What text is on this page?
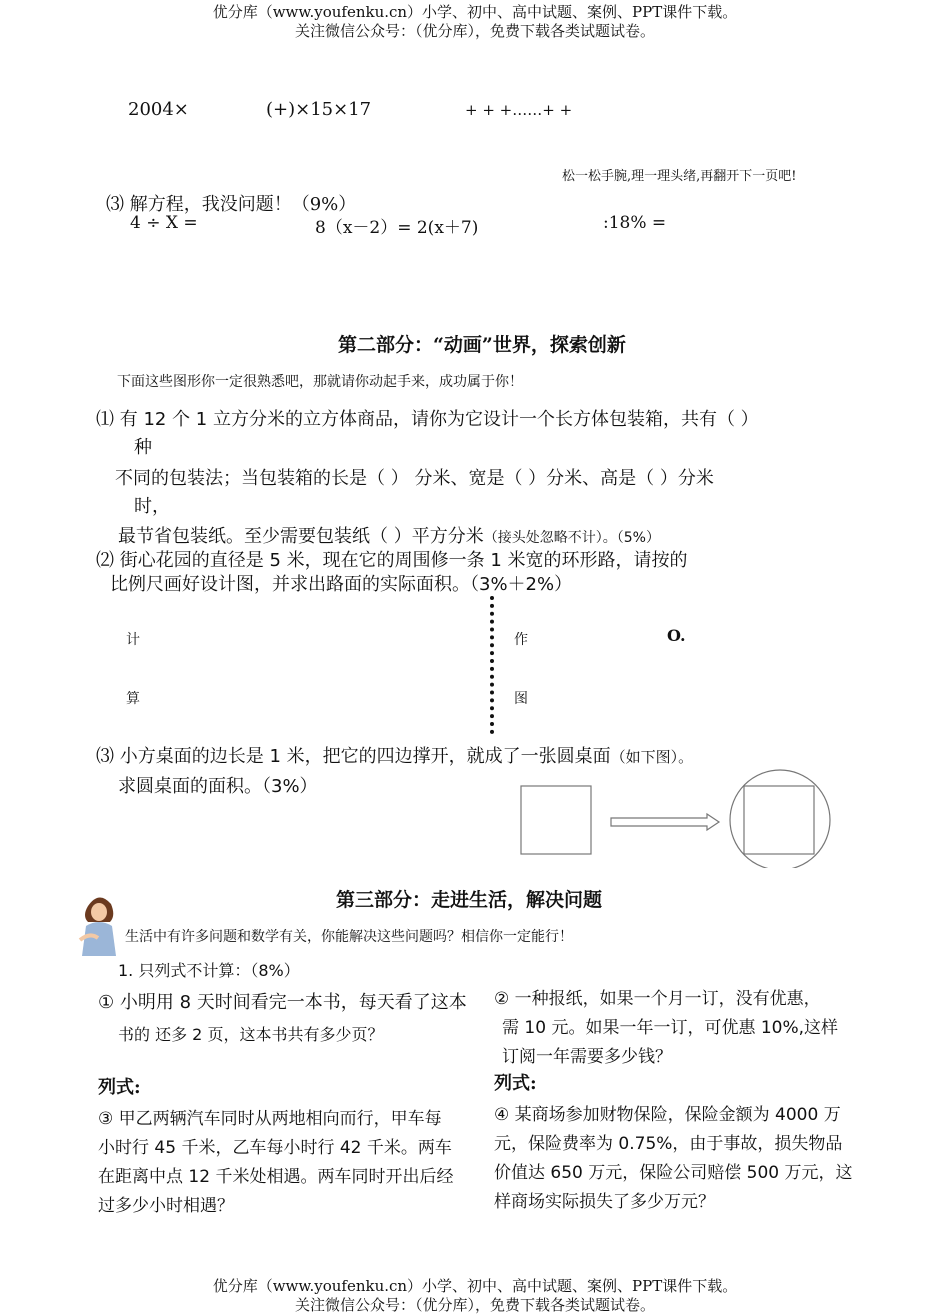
优分库（www.youfenku.cn）小学、初中、高中试题、案例、PPT课件下载。
关注微信公众号：（优分库），免费下载各类试题试卷。
2004×	(+)×15×17	+ + +……+ +
松一松手腕,理一理头绪,再翻开下一页吧!
⑶ 解方程，我没问题！（9%）
4 ÷ X =	8（x－2）= 2(x＋7)	:18% =
第二部分：“动画”世界，探索创新
下面这些图形你一定很熟悉吧，那就请你动起手来，成功属于你！
⑴ 有 12 个 1 立方分米的立方体商品，请你为它设计一个长方体包装箱，共有（ ）
种
不同的包装法；当包装箱的长是（ ） 分米、宽是（ ）分米、高是（ ）分米
时，
最节省包装纸。至少需要包装纸（ ）平方分米（接头处忽略不计）。（5%）
⑵ 街心花园的直径是 5 米，现在它的周围修一条 1 米宽的环形路，请按的
比例尺画好设计图，并求出路面的实际面积。（3%＋2%）
计
算
作
图
O.
⑶ 小方桌面的边长是 1 米，把它的四边撑开，就成了一张圆桌面（如下图）。
求圆桌面的面积。（3%）
第三部分：走进生活，解决问题
生活中有许多问题和数学有关，你能解决这些问题吗？相信你一定能行！
1. 只列式不计算：（8%）
① 小明用 8 天时间看完一本书，每天看了这本
书的 还多 2 页，这本书共有多少页？
② 一种报纸，如果一个月一订，没有优惠，
需 10 元。如果一年一订，可优惠 10%,这样
订阅一年需要多少钱？
列式:	列式:
③ 甲乙两辆汽车同时从两地相向而行，甲车每
小时行 45 千米，乙车每小时行 42 千米。两车
在距离中点 12 千米处相遇。两车同时开出后经
过多少小时相遇？
④ 某商场参加财物保险，保险金额为 4000 万
元，保险费率为 0.75%，由于事故，损失物品
价值达 650 万元，保险公司赔偿 500 万元，这
样商场实际损失了多少万元？
优分库（www.youfenku.cn）小学、初中、高中试题、案例、PPT课件下载。
关注微信公众号：（优分库），免费下载各类试题试卷。
